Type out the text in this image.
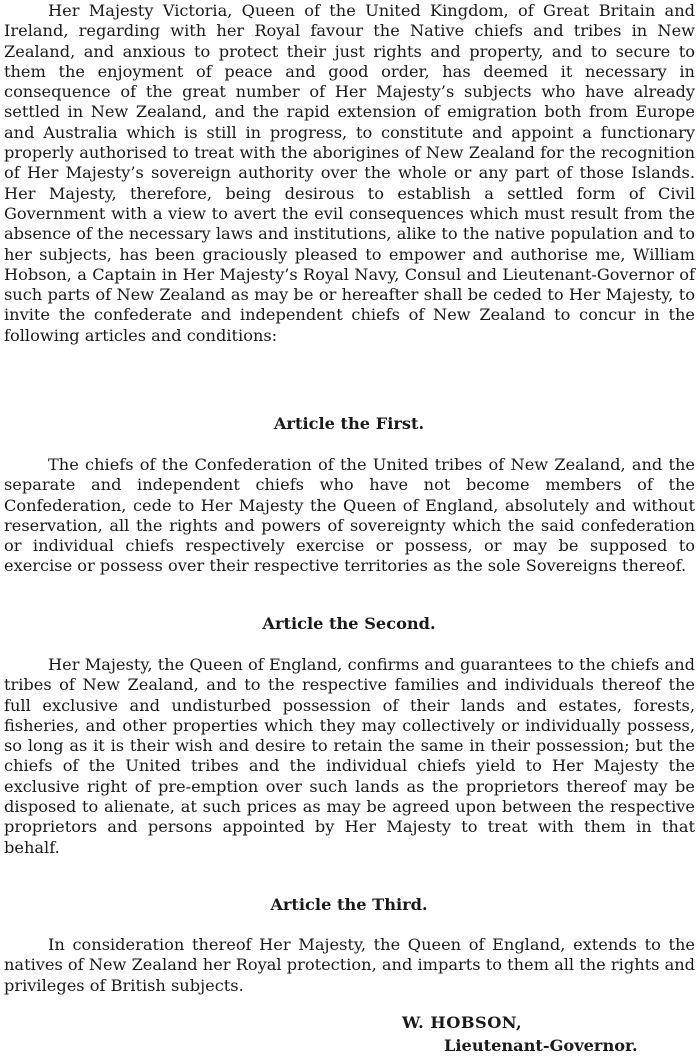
Her Majesty Victoria, Queen of the United Kingdom, of Great Britain and Ireland, regarding with her Royal favour the Native chiefs and tribes in New Zealand, and anxious to protect their just rights and property, and to secure to them the enjoyment of peace and good order, has deemed it necessary in consequence of the great number of Her Majesty’s subjects who have already settled in New Zealand, and the rapid extension of emigration both from Europe and Australia which is still in progress, to constitute and appoint a functionary properly authorised to treat with the aborigines of New Zealand for the recognition of Her Majesty’s sovereign authority over the whole or any part of those Islands. Her Majesty, therefore, being desirous to establish a settled form of Civil Government with a view to avert the evil consequences which must result from the absence of the necessary laws and institutions, alike to the native population and to her subjects, has been graciously pleased to empower and authorise me, William Hobson, a Captain in Her Majesty’s Royal Navy, Consul and Lieutenant-Governor of such parts of New Zealand as may be or hereafter shall be ceded to Her Majesty, to invite the confederate and independent chiefs of New Zealand to concur in the following articles and conditions:

Article the First.

The chiefs of the Confederation of the United tribes of New Zealand, and the separate and independent chiefs who have not become members of the Confederation, cede to Her Majesty the Queen of England, absolutely and without reservation, all the rights and powers of sovereignty which the said confederation or individual chiefs respectively exercise or possess, or may be supposed to exercise or possess over their respective territories as the sole Sovereigns thereof.

Article the Second.

Her Majesty, the Queen of England, confirms and guarantees to the chiefs and tribes of New Zealand, and to the respective families and individuals thereof the full exclusive and undisturbed possession of their lands and estates, forests, fisheries, and other properties which they may collectively or individually possess, so long as it is their wish and desire to retain the same in their possession; but the chiefs of the United tribes and the individual chiefs yield to Her Majesty the exclusive right of pre-emption over such lands as the proprietors thereof may be disposed to alienate, at such prices as may be agreed upon between the respective proprietors and persons appointed by Her Majesty to treat with them in that behalf.

Article the Third.

In consideration thereof Her Majesty, the Queen of England, extends to the natives of New Zealand her Royal protection, and imparts to them all the rights and privileges of British subjects.

W. HOBSON,
Lieutenant-Governor.
